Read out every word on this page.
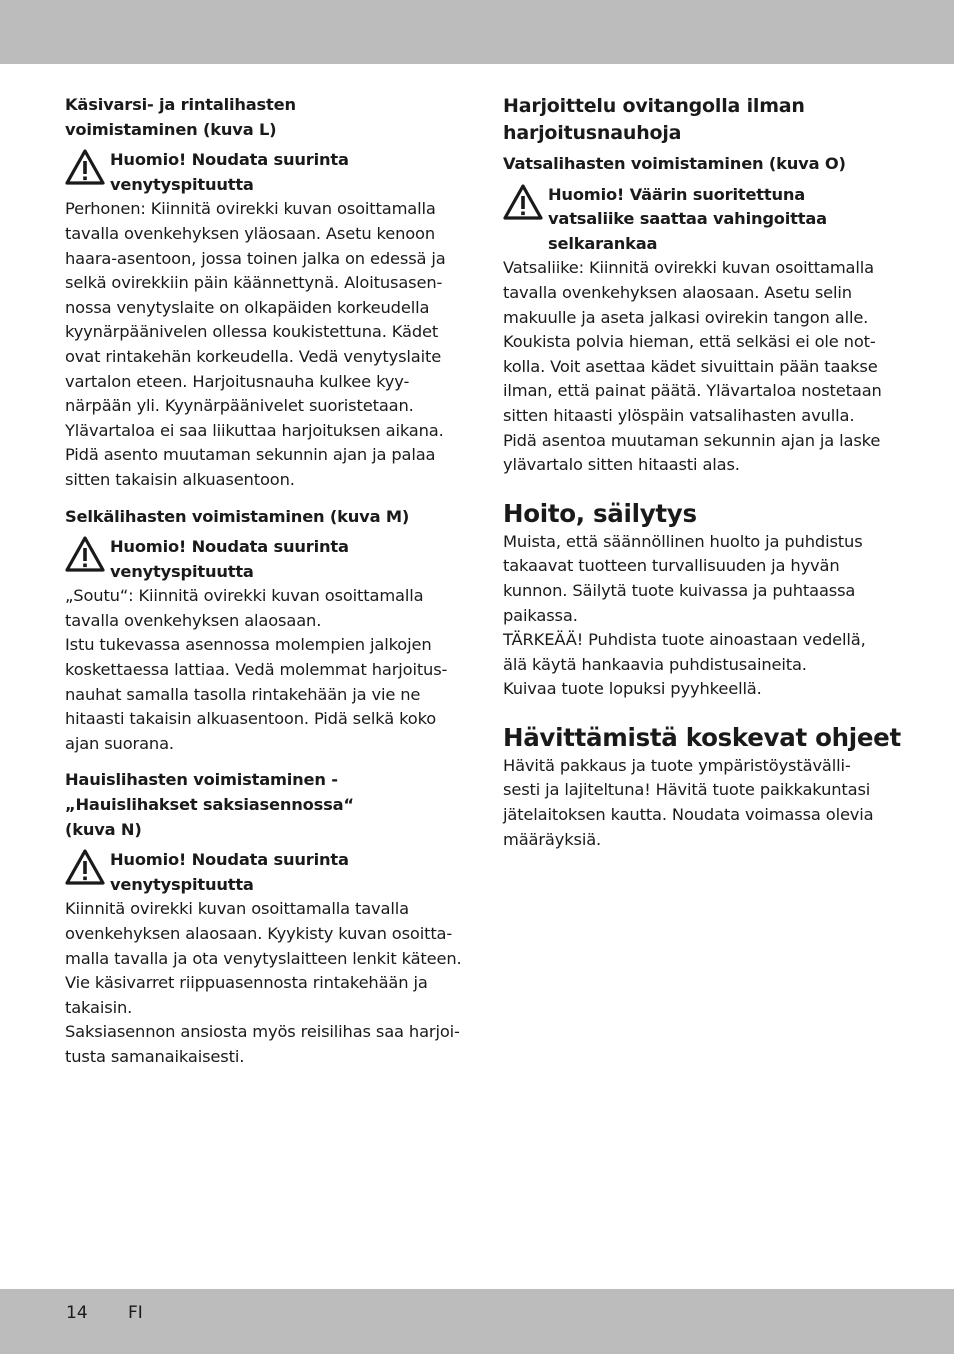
Käsivarsi- ja rintalihasten
voimistaminen (kuva L)
Huomio! Noudata suurinta
venytyspituutta
Perhonen: Kiinnitä ovirekki kuvan osoittamalla
tavalla ovenkehyksen yläosaan. Asetu kenoon
haara-asentoon, jossa toinen jalka on edessä ja
selkä ovirekkiin päin käännettynä. Aloitusasen-
nossa venytyslaite on olkapäiden korkeudella
kyynärpäänivelen ollessa koukistettuna. Kädet
ovat rintakehän korkeudella. Vedä venytyslaite
vartalon eteen. Harjoitusnauha kulkee kyy-
närpään yli. Kyynärpäänivelet suoristetaan.
Ylävartaloa ei saa liikuttaa harjoituksen aikana.
Pidä asento muutaman sekunnin ajan ja palaa
sitten takaisin alkuasentoon.
Selkälihasten voimistaminen (kuva M)
Huomio! Noudata suurinta
venytyspituutta
„Soutu“: Kiinnitä ovirekki kuvan osoittamalla
tavalla ovenkehyksen alaosaan.
Istu tukevassa asennossa molempien jalkojen
koskettaessa lattiaa. Vedä molemmat harjoitus-
nauhat samalla tasolla rintakehään ja vie ne
hitaasti takaisin alkuasentoon. Pidä selkä koko
ajan suorana.
Hauislihasten voimistaminen -
„Hauislihakset saksiasennossa“
(kuva N)
Huomio! Noudata suurinta
venytyspituutta
Kiinnitä ovirekki kuvan osoittamalla tavalla
ovenkehyksen alaosaan. Kyykisty kuvan osoitta-
malla tavalla ja ota venytyslaitteen lenkit käteen.
Vie käsivarret riippuasennosta rintakehään ja
takaisin.
Saksiasennon ansiosta myös reisilihas saa harjoi-
tusta samanaikaisesti.
Harjoittelu ovitangolla ilman
harjoitusnauhoja
Vatsalihasten voimistaminen (kuva O)
Huomio! Väärin suoritettuna
vatsaliike saattaa vahingoittaa
selkarankaa
Vatsaliike: Kiinnitä ovirekki kuvan osoittamalla
tavalla ovenkehyksen alaosaan. Asetu selin
makuulle ja aseta jalkasi ovirekin tangon alle.
Koukista polvia hieman, että selkäsi ei ole not-
kolla. Voit asettaa kädet sivuittain pään taakse
ilman, että painat päätä. Ylävartaloa nostetaan
sitten hitaasti ylöspäin vatsalihasten avulla.
Pidä asentoa muutaman sekunnin ajan ja laske
ylävartalo sitten hitaasti alas.
Hoito, säilytys
Muista, että säännöllinen huolto ja puhdistus
takaavat tuotteen turvallisuuden ja hyvän
kunnon. Säilytä tuote kuivassa ja puhtaassa
paikassa.
TÄRKEÄÄ! Puhdista tuote ainoastaan vedellä,
älä käytä hankaavia puhdistusaineita.
Kuivaa tuote lopuksi pyyhkeellä.
Hävittämistä koskevat ohjeet
Hävitä pakkaus ja tuote ympäristöystävälli-
sesti ja lajiteltuna! Hävitä tuote paikkakuntasi
jätelaitoksen kautta. Noudata voimassa olevia
määräyksiä.
14 FI
